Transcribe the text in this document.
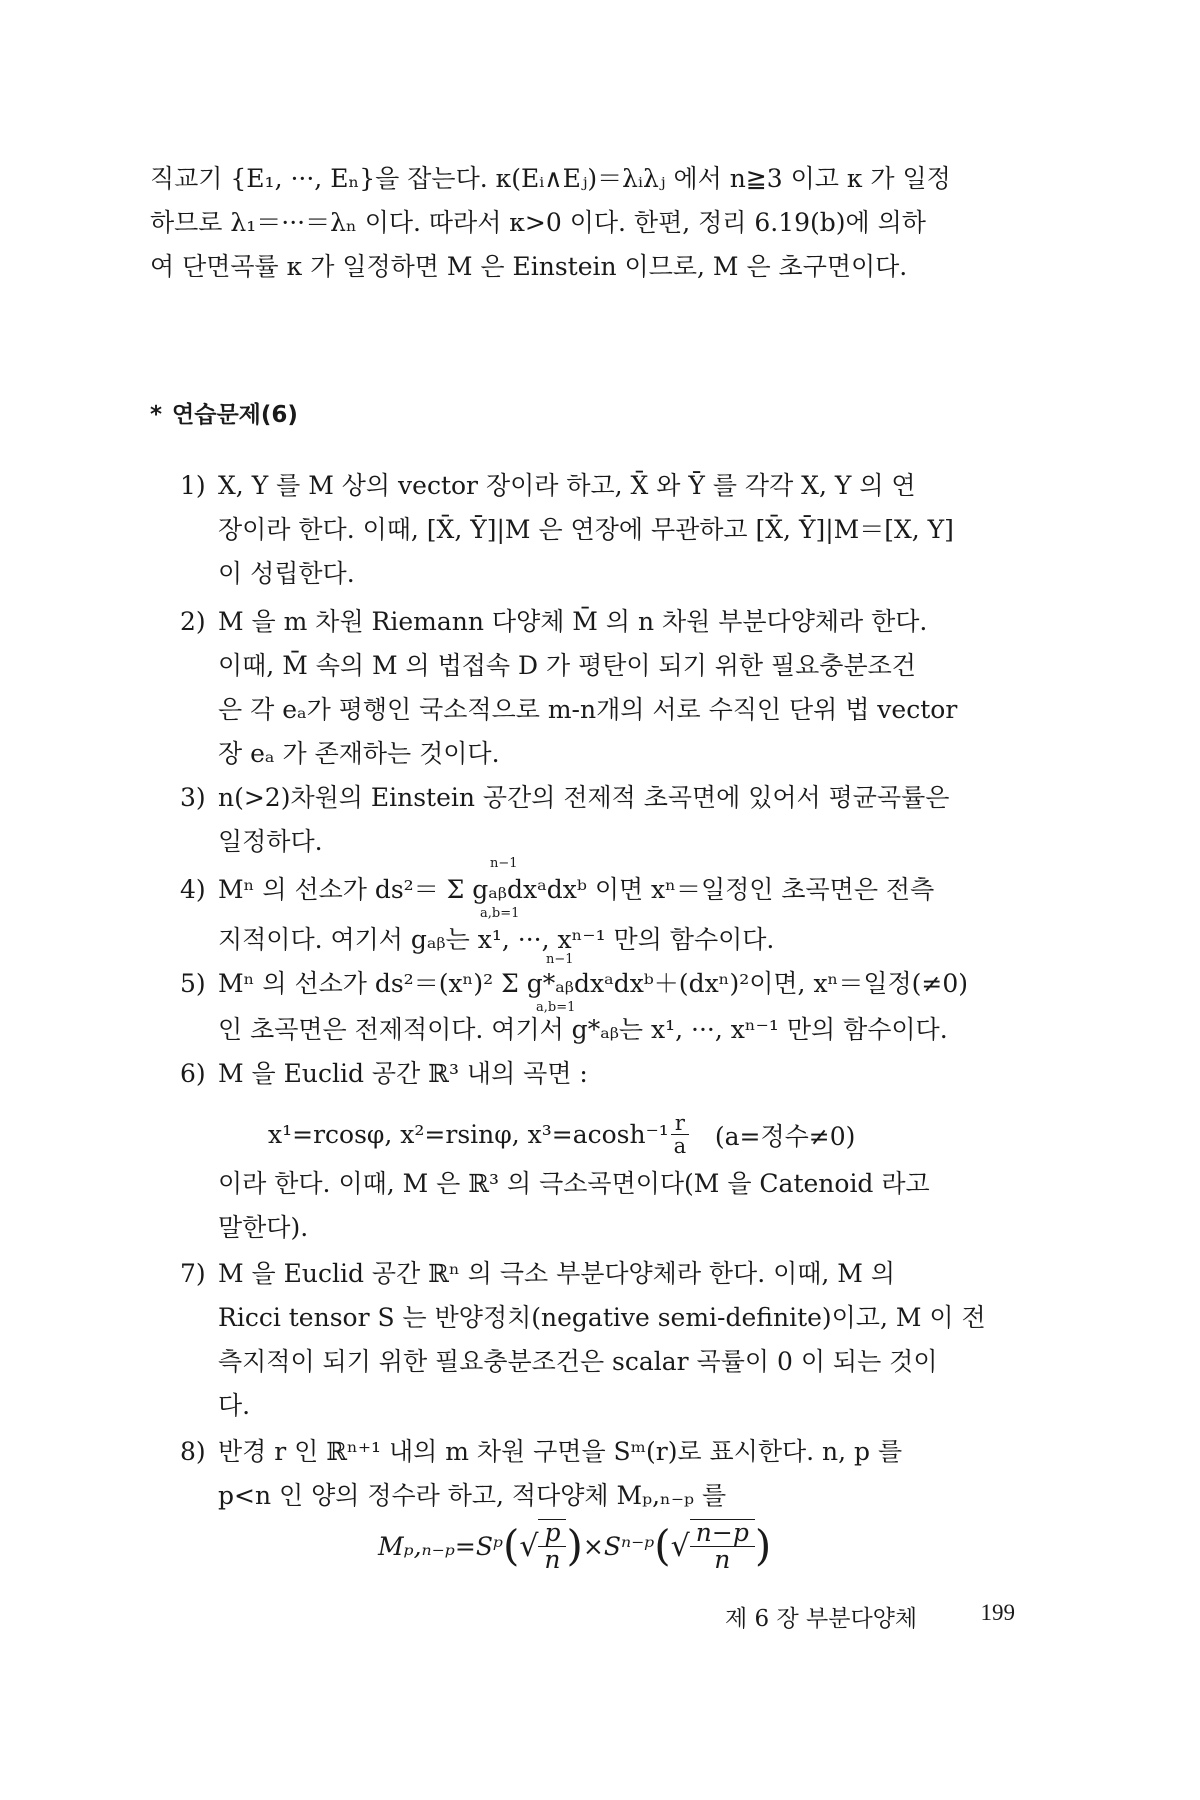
직교기 {E₁, ···, Eₙ}을 잡는다. κ(Eᵢ∧Eⱼ)＝λᵢλⱼ 에서 n≧3 이고 κ 가 일정
하므로 λ₁＝···＝λₙ 이다. 따라서 κ>0 이다. 한편, 정리 6.19(b)에 의하
여 단면곡률 κ 가 일정하면 M 은 Einstein 이므로, M 은 초구면이다.
* 연습문제(6)
1) X, Y 를 M 상의 vector 장이라 하고, X̄ 와 Ȳ 를 각각 X, Y 의 연
장이라 한다. 이때, [X̄, Ȳ]|M 은 연장에 무관하고 [X̄, Ȳ]|M＝[X, Y]
이 성립한다.
2) M 을 m 차원 Riemann 다양체 M̄ 의 n 차원 부분다양체라 한다.
이때, M̄ 속의 M 의 법접속 D 가 평탄이 되기 위한 필요충분조건
은 각 eₐ가 평행인 국소적으로 m-n개의 서로 수직인 단위 법 vector
장 eₐ 가 존재하는 것이다.
3) n(>2)차원의 Einstein 공간의 전제적 초곡면에 있어서 평균곡률은
일정하다.
n−1
4) Mⁿ 의 선소가 ds²＝ Σ gₐᵦdxᵃdxᵇ 이면 xⁿ＝일정인 초곡면은 전측
a,b=1
지적이다. 여기서 gₐᵦ는 x¹, ···, xⁿ⁻¹ 만의 함수이다.
n−1
5) Mⁿ 의 선소가 ds²＝(xⁿ)² Σ g*ₐᵦdxᵃdxᵇ＋(dxⁿ)²이면, xⁿ＝일정(≠0)
a,b=1
인 초곡면은 전제적이다. 여기서 g*ₐᵦ는 x¹, ···, xⁿ⁻¹ 만의 함수이다.
6) M 을 Euclid 공간 ℝ³ 내의 곡면 :
x¹=rcosφ, x²=rsinφ, x³=acosh⁻¹ r
a (a=정수≠0)
이라 한다. 이때, M 은 ℝ³ 의 극소곡면이다(M 을 Catenoid 라고
말한다).
7) M 을 Euclid 공간 ℝⁿ 의 극소 부분다양체라 한다. 이때, M 의
Ricci tensor S 는 반양정치(negative semi-definite)이고, M 이 전
측지적이 되기 위한 필요충분조건은 scalar 곡률이 0 이 되는 것이
다.
8) 반경 r 인 ℝⁿ⁺¹ 내의 m 차원 구면을 Sᵐ(r)로 표시한다. n, p 를
p<n 인 양의 정수라 하고, 적다양체 Mₚ,ₙ₋ₚ 를
Mₚ,ₙ₋ₚ=Sᵖ ( √ p
n ) ×Sⁿ⁻ᵖ ( √ n−p
n )
제 6 장 부분다양체	199
